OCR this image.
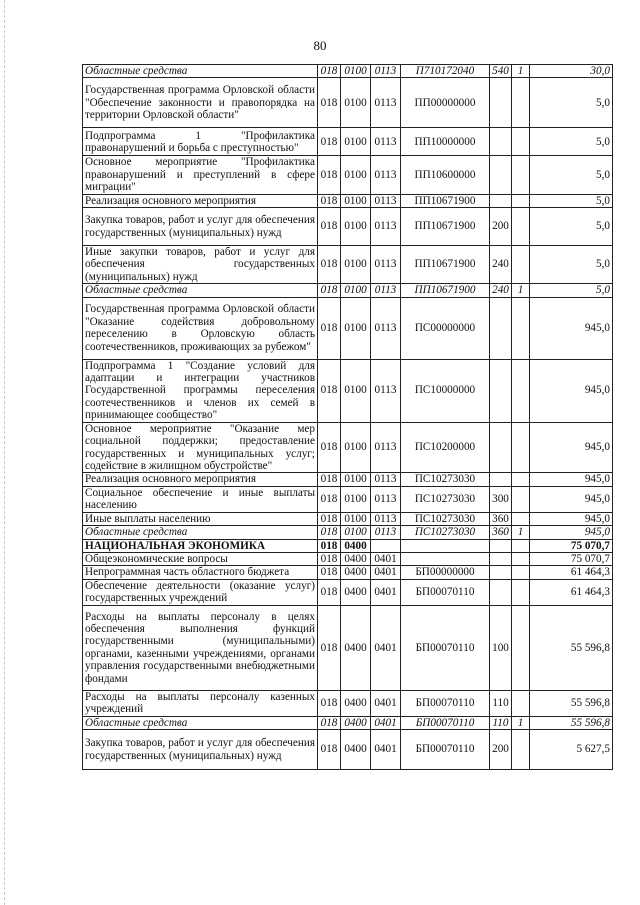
80
Областные средства	018	0100	0113	П710172040	540	1	30,0
Государственная программа Орловской области "Обеспечение законности и правопорядка на территории Орловской области"	018	0100	0113	ПП00000000			5,0
Подпрограмма 1 "Профилактика правонарушений и борьба с преступностью"	018	0100	0113	ПП10000000			5,0
Основное мероприятие "Профилактика правонарушений и преступлений в сфере миграции"	018	0100	0113	ПП10600000			5,0
Реализация основного мероприятия	018	0100	0113	ПП10671900			5,0
Закупка товаров, работ и услуг для обеспечения государственных (муниципальных) нужд	018	0100	0113	ПП10671900	200		5,0
Иные закупки товаров, работ и услуг для обеспечения государственных (муниципальных) нужд	018	0100	0113	ПП10671900	240		5,0
Областные средства	018	0100	0113	ПП10671900	240	1	5,0
Государственная программа Орловской области "Оказание содействия добровольному переселению в Орловскую область соотечественников, проживающих за рубежом"	018	0100	0113	ПС00000000			945,0
Подпрограмма 1 "Создание условий для адаптации и интеграции участников Государственной программы переселения соотечественников и членов их семей в принимающее сообщество"	018	0100	0113	ПС10000000			945,0
Основное мероприятие "Оказание мер социальной поддержки; предоставление государственных и муниципальных услуг; содействие в жилищном обустройстве"	018	0100	0113	ПС10200000			945,0
Реализация основного мероприятия	018	0100	0113	ПС10273030			945,0
Социальное обеспечение и иные выплаты населению	018	0100	0113	ПС10273030	300		945,0
Иные выплаты населению	018	0100	0113	ПС10273030	360		945,0
Областные средства	018	0100	0113	ПС10273030	360	1	945,0
НАЦИОНАЛЬНАЯ ЭКОНОМИКА	018	0400					75 070,7
Общеэкономические вопросы	018	0400	0401				75 070,7
Непрограммная часть областного бюджета	018	0400	0401	БП00000000			61 464,3
Обеспечение деятельности (оказание услуг) государственных учреждений	018	0400	0401	БП00070110			61 464,3
Расходы на выплаты персоналу в целях обеспечения выполнения функций государственными (муниципальными) органами, казенными учреждениями, органами управления государственными внебюджетными фондами	018	0400	0401	БП00070110	100		55 596,8
Расходы на выплаты персоналу казенных учреждений	018	0400	0401	БП00070110	110		55 596,8
Областные средства	018	0400	0401	БП00070110	110	1	55 596,8
Закупка товаров, работ и услуг для обеспечения государственных (муниципальных) нужд	018	0400	0401	БП00070110	200		5 627,5
